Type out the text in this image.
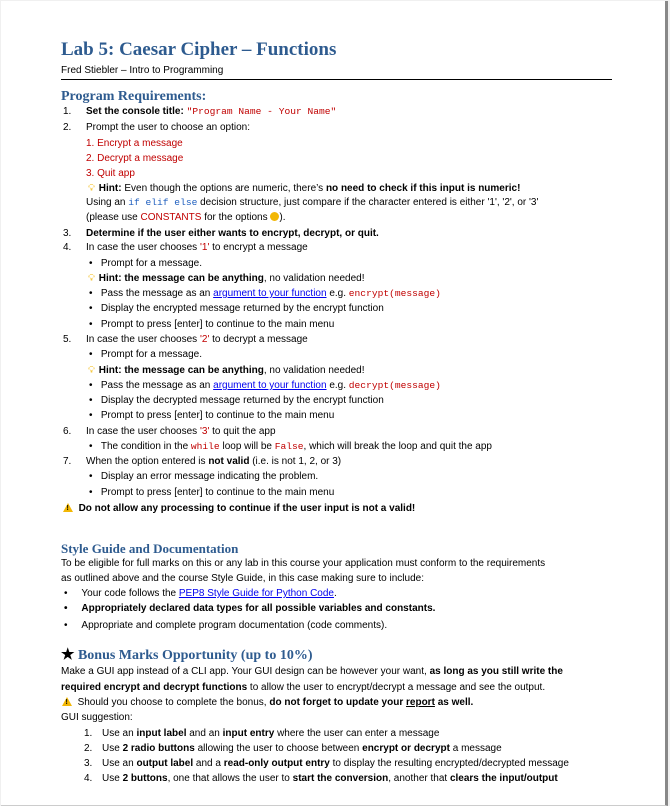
Lab 5: Caesar Cipher – Functions
Fred Stiebler – Intro to Programming
Program Requirements:
1. Set the console title: "Program Name - Your Name"
2. Prompt the user to choose an option:
1. Encrypt a message
2. Decrypt a message
3. Quit app
💡︎ Hint: Even though the options are numeric, there’s no need to check if this input is numeric!
Using an if elif else decision structure, just compare if the character entered is either '1', '2', or '3'
(please use CONSTANTS for the options ).
3. Determine if the user either wants to encrypt, decrypt, or quit.
4. In case the user chooses '1' to encrypt a message
•   Prompt for a message.
💡︎ Hint: the message can be anything, no validation needed!
•   Pass the message as an argument to your function e.g. encrypt(message)
•   Display the encrypted message returned by the encrypt function
•   Prompt to press [enter] to continue to the main menu
5. In case the user chooses '2' to decrypt a message
•   Prompt for a message.
💡︎ Hint: the message can be anything, no validation needed!
•   Pass the message as an argument to your function e.g. decrypt(message)
•   Display the decrypted message returned by the encrypt function
•   Prompt to press [enter] to continue to the main menu
6. In case the user chooses '3' to quit the app
•   The condition in the while loop will be False, which will break the loop and quit the app
7. When the option entered is not valid (i.e. is not 1, 2, or 3)
•   Display an error message indicating the problem.
•   Prompt to press [enter] to continue to the main menu
!  Do not allow any processing to continue if the user input is not a valid!
Style Guide and Documentation
To be eligible for full marks on this or any lab in this course your application must conform to the requirements
as outlined above and the course Style Guide, in this case making sure to include:
•     Your code follows the PEP8 Style Guide for Python Code.
•     Appropriately declared data types for all possible variables and constants.
•     Appropriate and complete program documentation (code comments).
★ Bonus Marks Opportunity (up to 10%)
Make a GUI app instead of a CLI app. Your GUI design can be however your want, as long as you still write the
required encrypt and decrypt functions to allow the user to encrypt/decrypt a message and see the output.
!  Should you choose to complete the bonus, do not forget to update your report as well.
GUI suggestion:
1. Use an input label and an input entry where the user can enter a message
2. Use 2 radio buttons allowing the user to choose between encrypt or decrypt a message
3. Use an output label and a read-only output entry to display the resulting encrypted/decrypted message
4. Use 2 buttons, one that allows the user to start the conversion, another that clears the input/output
